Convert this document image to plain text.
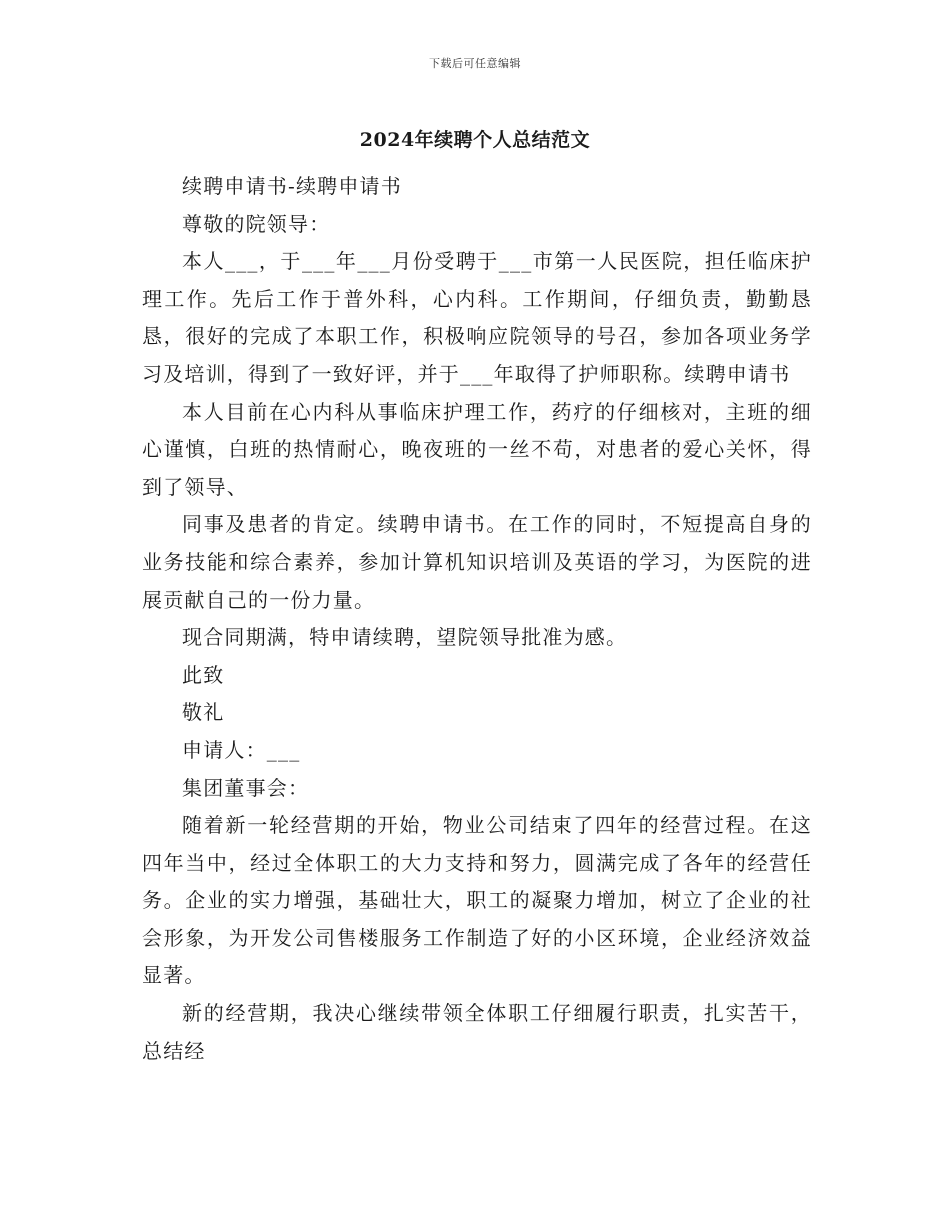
下载后可任意编辑
2024年续聘个人总结范文

续聘申请书-续聘申请书

尊敬的院领导：

本人___，于___年___月份受聘于___市第一人民医院，担任临床护理工作。先后工作于普外科，心内科。工作期间，仔细负责，勤勤恳恳，很好的完成了本职工作，积极响应院领导的号召，参加各项业务学习及培训，得到了一致好评，并于___年取得了护师职称。续聘申请书

本人目前在心内科从事临床护理工作，药疗的仔细核对，主班的细心谨慎，白班的热情耐心，晚夜班的一丝不苟，对患者的爱心关怀，得到了领导、

同事及患者的肯定。续聘申请书。在工作的同时，不短提高自身的业务技能和综合素养，参加计算机知识培训及英语的学习，为医院的进展贡献自己的一份力量。

现合同期满，特申请续聘，望院领导批准为感。

此致

敬礼

申请人：___

集团董事会：

随着新一轮经营期的开始，物业公司结束了四年的经营过程。在这四年当中，经过全体职工的大力支持和努力，圆满完成了各年的经营任务。企业的实力增强，基础壮大，职工的凝聚力增加，树立了企业的社会形象，为开发公司售楼服务工作制造了好的小区环境，企业经济效益显著。

新的经营期，我决心继续带领全体职工仔细履行职责，扎实苦干，总结经
